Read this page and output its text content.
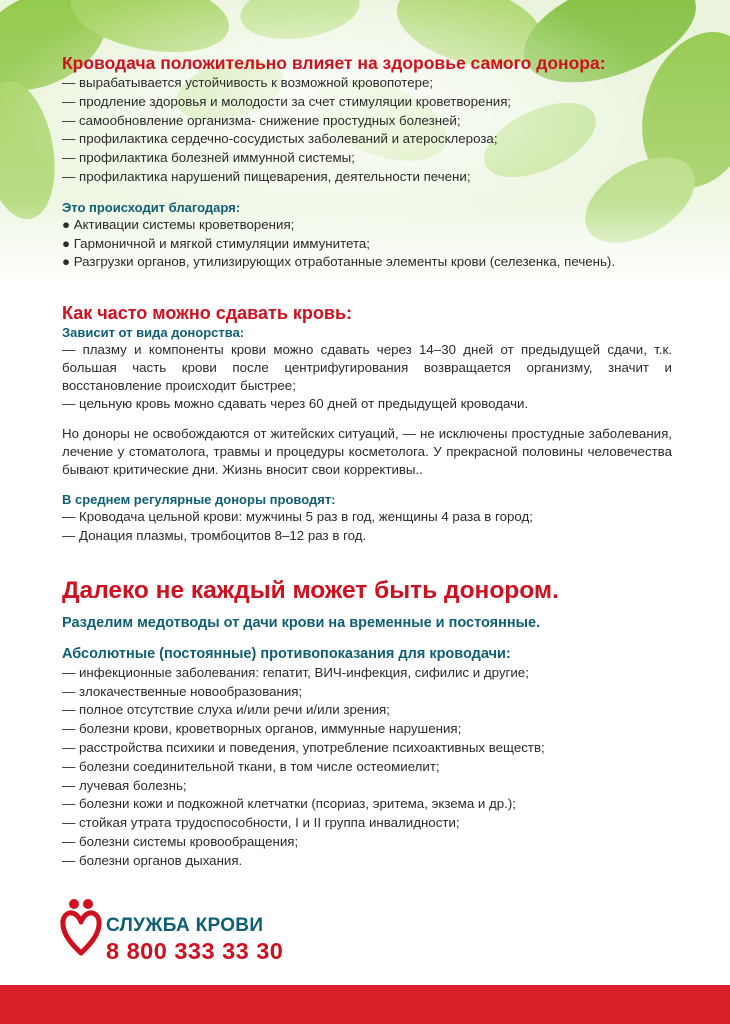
Кроводача положительно влияет на здоровье самого донора:

— вырабатывается устойчивость к возможной кровопотере;

— продление здоровья и молодости за счет стимуляции кроветворения;

— самообновление организма- снижение простудных болезней;

— профилактика сердечно-сосудистых заболеваний и атеросклероза;

— профилактика болезней иммунной системы;

— профилактика нарушений пищеварения, деятельности печени;

Это происходит благодаря:

● Активации системы кроветворения;

● Гармоничной и мягкой стимуляции иммунитета;

● Разгрузки органов, утилизирующих отработанные элементы крови (селезенка, печень).

Как часто можно сдавать кровь:
Зависит от вида донорства:

— плазму и компоненты крови можно сдавать через 14–30 дней от предыдущей сдачи, т.к. большая часть крови после центрифугирования возвращается организму, значит и восстановление происходит быстрее;

— цельную кровь можно сдавать через 60 дней от предыдущей кроводачи.

Но доноры не освобождаются от житейских ситуаций, — не исключены простудные заболевания, лечение у стоматолога, травмы и процедуры косметолога. У прекрасной половины человечества бывают критические дни. Жизнь вносит свои коррективы..

В среднем регулярные доноры проводят:

— Кроводача цельной крови: мужчины 5 раз в год, женщины 4 раза в город;

— Донация плазмы, тромбоцитов 8–12 раз в год.

Далеко не каждый может быть донором.
Разделим медотводы от дачи крови на временные и постоянные.
Абсолютные (постоянные) противопоказания для кроводачи:

— инфекционные заболевания: гепатит, ВИЧ-инфекция, сифилис и другие;

— злокачественные новообразования;

— полное отсутствие слуха и/или речи и/или зрения;

— болезни крови, кроветворных органов, иммунные нарушения;

— расстройства психики и поведения, употребление психоактивных веществ;

— болезни соединительной ткани, в том числе остеомиелит;

— лучевая болезнь;

— болезни кожи и подкожной клетчатки (псориаз, эритема, экзема и др.);

— стойкая утрата трудоспособности, I и II группа инвалидности;

— болезни системы кровообращения;

— болезни органов дыхания.

СЛУЖБА КРОВИ
8 800 333 33 30
